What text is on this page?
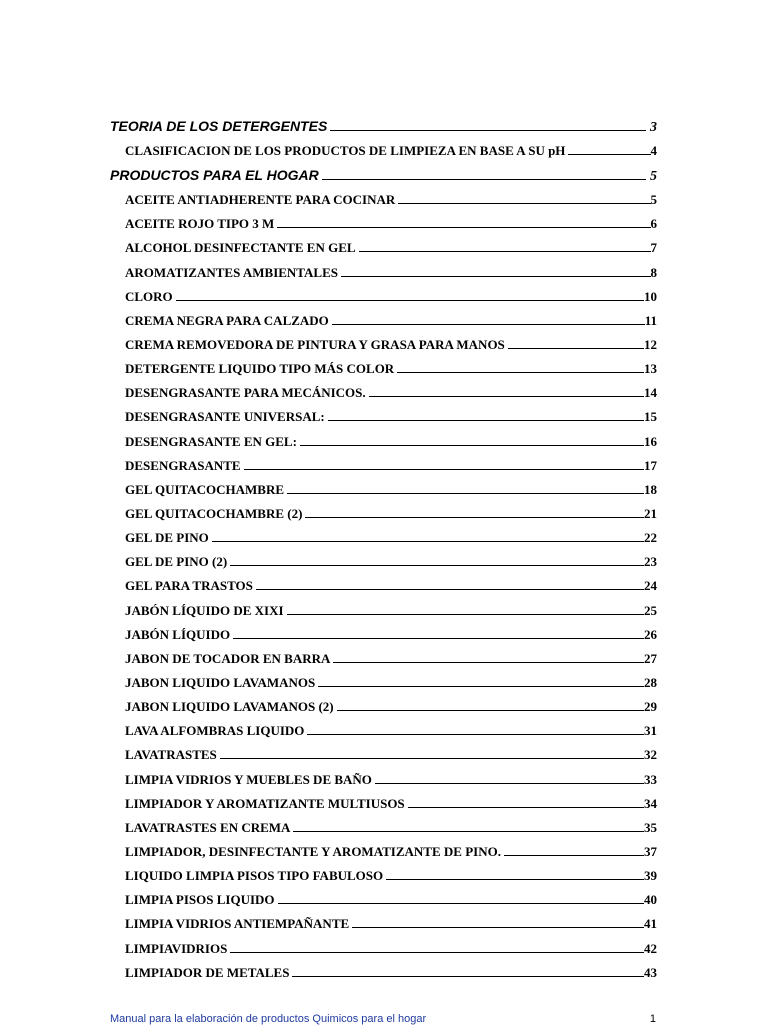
TEORIA DE LOS DETERGENTES	3
CLASIFICACION DE LOS PRODUCTOS DE LIMPIEZA EN BASE A SU pH	4
PRODUCTOS PARA EL HOGAR	5
ACEITE ANTIADHERENTE PARA COCINAR	5
ACEITE ROJO TIPO 3 M	6
ALCOHOL DESINFECTANTE EN GEL	7
AROMATIZANTES AMBIENTALES	8
CLORO	10
CREMA NEGRA PARA CALZADO	11
CREMA REMOVEDORA DE PINTURA Y GRASA PARA MANOS	12
DETERGENTE LIQUIDO TIPO MÁS COLOR	13
DESENGRASANTE PARA MECÁNICOS.	14
DESENGRASANTE UNIVERSAL:	15
DESENGRASANTE EN GEL:	16
DESENGRASANTE	17
GEL QUITACOCHAMBRE	18
GEL QUITACOCHAMBRE (2)	21
GEL DE PINO	22
GEL DE PINO (2)	23
GEL PARA TRASTOS	24
JABÓN LÍQUIDO DE XIXI	25
JABÓN LÍQUIDO	26
JABON DE TOCADOR EN BARRA	27
JABON LIQUIDO LAVAMANOS	28
JABON LIQUIDO LAVAMANOS (2)	29
LAVA ALFOMBRAS LIQUIDO	31
LAVATRASTES	32
LIMPIA VIDRIOS Y MUEBLES DE BAÑO	33
LIMPIADOR Y AROMATIZANTE MULTIUSOS	34
LAVATRASTES EN CREMA	35
LIMPIADOR, DESINFECTANTE Y AROMATIZANTE DE PINO.	37
LIQUIDO LIMPIA PISOS TIPO FABULOSO	39
LIMPIA PISOS LIQUIDO	40
LIMPIA VIDRIOS ANTIEMPAÑANTE	41
LIMPIAVIDRIOS	42
LIMPIADOR DE METALES	43
Manual para la elaboración de productos Quimicos para el hogar	1
